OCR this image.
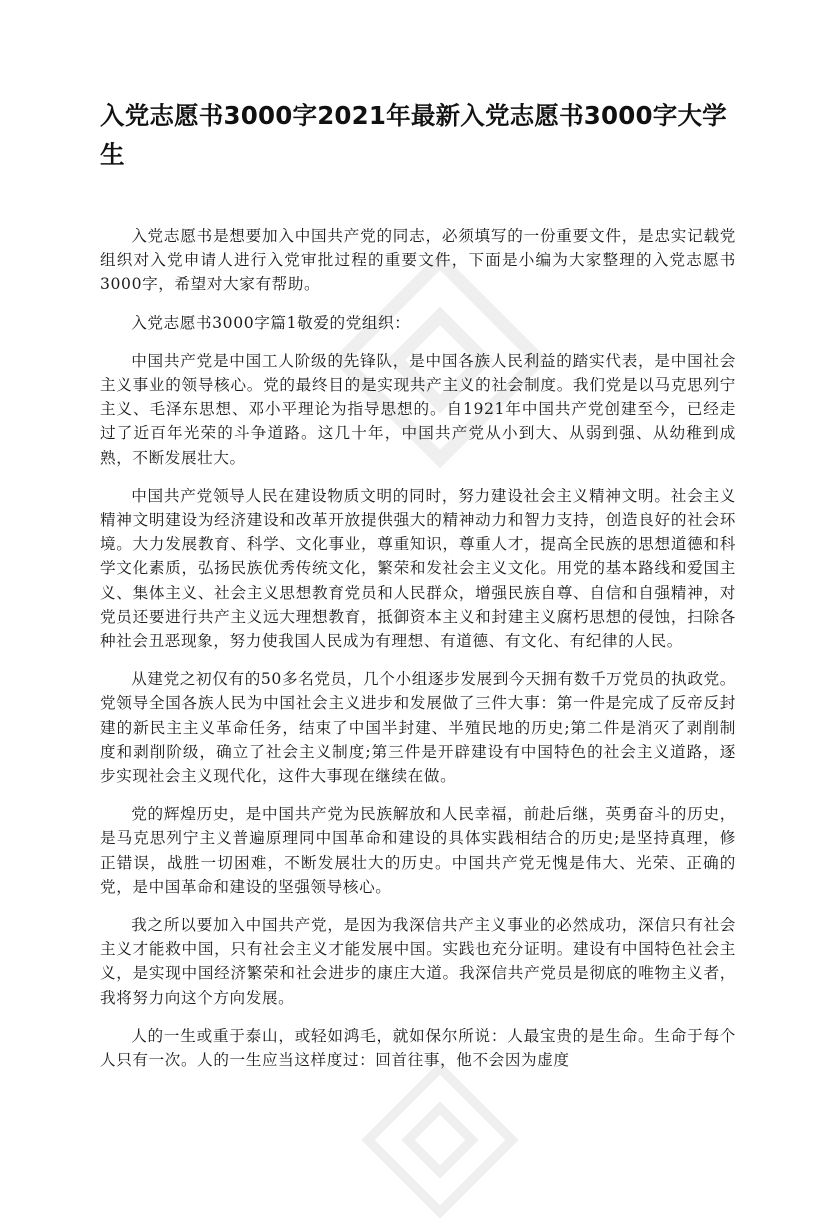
入党志愿书3000字2021年最新入党志愿书3000字大学生

入党志愿书是想要加入中国共产党的同志，必须填写的一份重要文件，是忠实记载党组织对入党申请人进行入党审批过程的重要文件，下面是小编为大家整理的入党志愿书3000字，希望对大家有帮助。

入党志愿书3000字篇1敬爱的党组织：

中国共产党是中国工人阶级的先锋队，是中国各族人民利益的踏实代表，是中国社会主义事业的领导核心。党的最终目的是实现共产主义的社会制度。我们党是以马克思列宁主义、毛泽东思想、邓小平理论为指导思想的。自1921年中国共产党创建至今，已经走过了近百年光荣的斗争道路。这几十年，中国共产党从小到大、从弱到强、从幼稚到成熟，不断发展壮大。

中国共产党领导人民在建设物质文明的同时，努力建设社会主义精神文明。社会主义精神文明建设为经济建设和改革开放提供强大的精神动力和智力支持，创造良好的社会环境。大力发展教育、科学、文化事业，尊重知识，尊重人才，提高全民族的思想道德和科学文化素质，弘扬民族优秀传统文化，繁荣和发社会主义文化。用党的基本路线和爱国主义、集体主义、社会主义思想教育党员和人民群众，增强民族自尊、自信和自强精神，对党员还要进行共产主义远大理想教育，抵御资本主义和封建主义腐朽思想的侵蚀，扫除各种社会丑恶现象，努力使我国人民成为有理想、有道德、有文化、有纪律的人民。

从建党之初仅有的50多名党员，几个小组逐步发展到今天拥有数千万党员的执政党。党领导全国各族人民为中国社会主义进步和发展做了三件大事：第一件是完成了反帝反封建的新民主主义革命任务，结束了中国半封建、半殖民地的历史;第二件是消灭了剥削制度和剥削阶级，确立了社会主义制度;第三件是开辟建设有中国特色的社会主义道路，逐步实现社会主义现代化，这件大事现在继续在做。

党的辉煌历史，是中国共产党为民族解放和人民幸福，前赴后继，英勇奋斗的历史，是马克思列宁主义普遍原理同中国革命和建设的具体实践相结合的历史;是坚持真理，修正错误，战胜一切困难，不断发展壮大的历史。中国共产党无愧是伟大、光荣、正确的党，是中国革命和建设的坚强领导核心。

我之所以要加入中国共产党，是因为我深信共产主义事业的必然成功，深信只有社会主义才能救中国，只有社会主义才能发展中国。实践也充分证明。建设有中国特色社会主义，是实现中国经济繁荣和社会进步的康庄大道。我深信共产党员是彻底的唯物主义者，我将努力向这个方向发展。

人的一生或重于泰山，或轻如鸿毛，就如保尔所说：人最宝贵的是生命。生命于每个人只有一次。人的一生应当这样度过：回首往事，他不会因为虚度
